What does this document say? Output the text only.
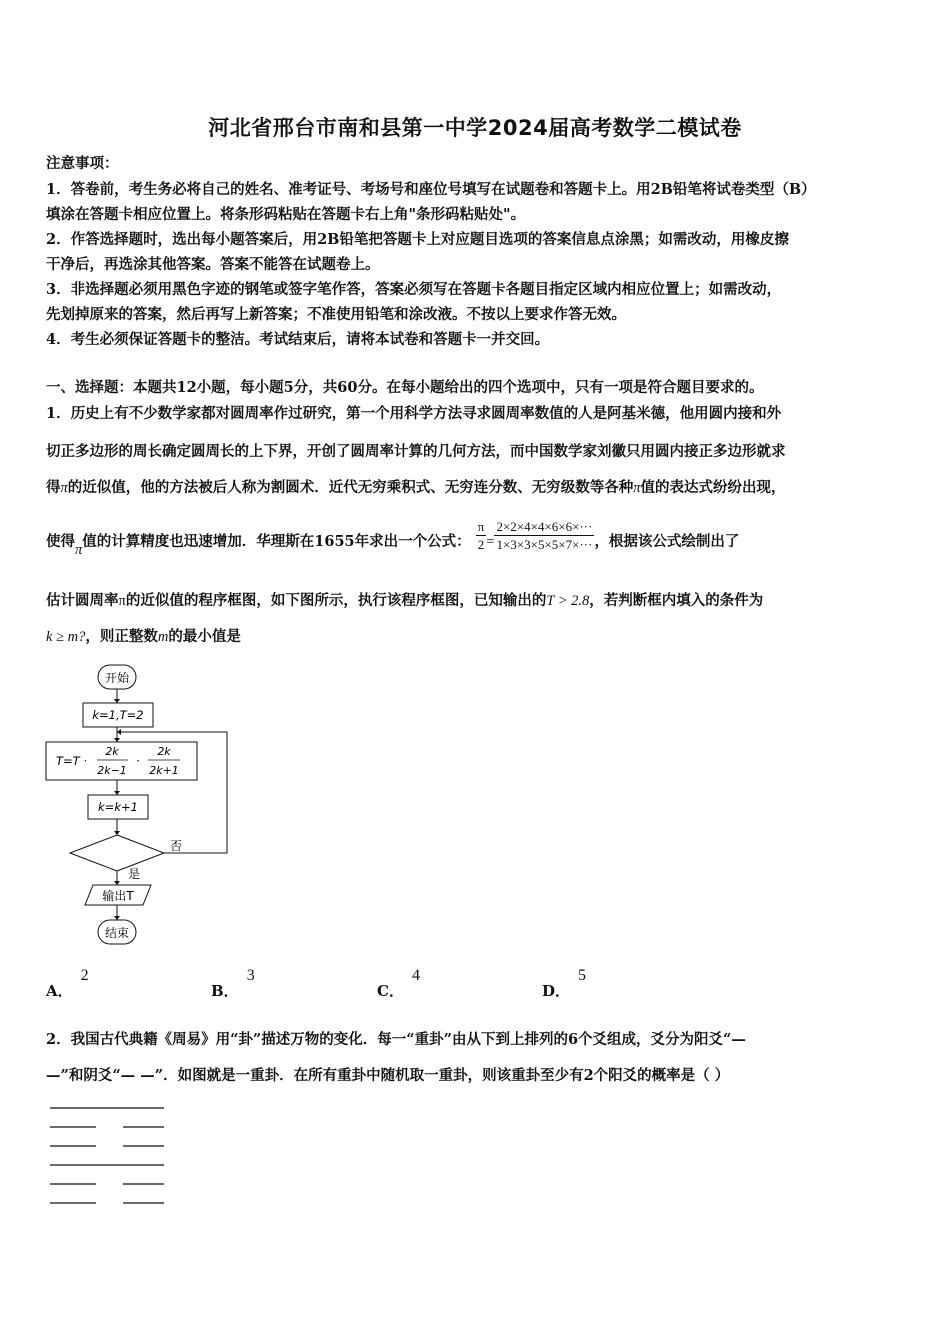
河北省邢台市南和县第一中学2024届高考数学二模试卷
注意事项：
1．答卷前，考生务必将自己的姓名、准考证号、考场号和座位号填写在试题卷和答题卡上。用2B铅笔将试卷类型（B）
填涂在答题卡相应位置上。将条形码粘贴在答题卡右上角"条形码粘贴处"。
2．作答选择题时，选出每小题答案后，用2B铅笔把答题卡上对应题目选项的答案信息点涂黑；如需改动，用橡皮擦
干净后，再选涂其他答案。答案不能答在试题卷上。
3．非选择题必须用黑色字迹的钢笔或签字笔作答，答案必须写在答题卡各题目指定区域内相应位置上；如需改动，
先划掉原来的答案，然后再写上新答案；不准使用铅笔和涂改液。不按以上要求作答无效。
4．考生必须保证答题卡的整洁。考试结束后，请将本试卷和答题卡一并交回。
一、选择题：本题共12小题，每小题5分，共60分。在每小题给出的四个选项中，只有一项是符合题目要求的。
1．历史上有不少数学家都对圆周率作过研究，第一个用科学方法寻求圆周率数值的人是阿基米德，他用圆内接和外
切正多边形的周长确定圆周长的上下界，开创了圆周率计算的几何方法，而中国数学家刘徽只用圆内接正多边形就求
得π的近似值，他的方法被后人称为割圆术．近代无穷乘积式、无穷连分数、无穷级数等各种π值的表达式纷纷出现，
使得π值的计算精度也迅速增加．华理斯在1655年求出一个公式： $\frac{\pi}{2} = \frac{2\times 2\times 4\times 4\times 6\times 6\times\cdot\cdot\cdot}{1\times 3\times 3\times 5\times 5\times 7\times\cdot\cdot\cdot}$ ，根据该公式绘制出了
估计圆周率π的近似值的程序框图，如下图所示，执行该程序框图，已知输出的T > 2.8，若判断框内填入的条件为
k ≥ m?，则正整数m的最小值是
开始
k=1,T=2
T=T ·
2k
2k−1
·
2k
2k+1
k=k+1
否
是
输出T
结束
A．2
B．3
C．4
D．5
2．我国古代典籍《周易》用“卦”描述万物的变化．每一“重卦”由从下到上排列的6个爻组成，爻分为阳爻“—
—”和阴爻“— —”．如图就是一重卦．在所有重卦中随机取一重卦，则该重卦至少有2个阳爻的概率是（ ）
